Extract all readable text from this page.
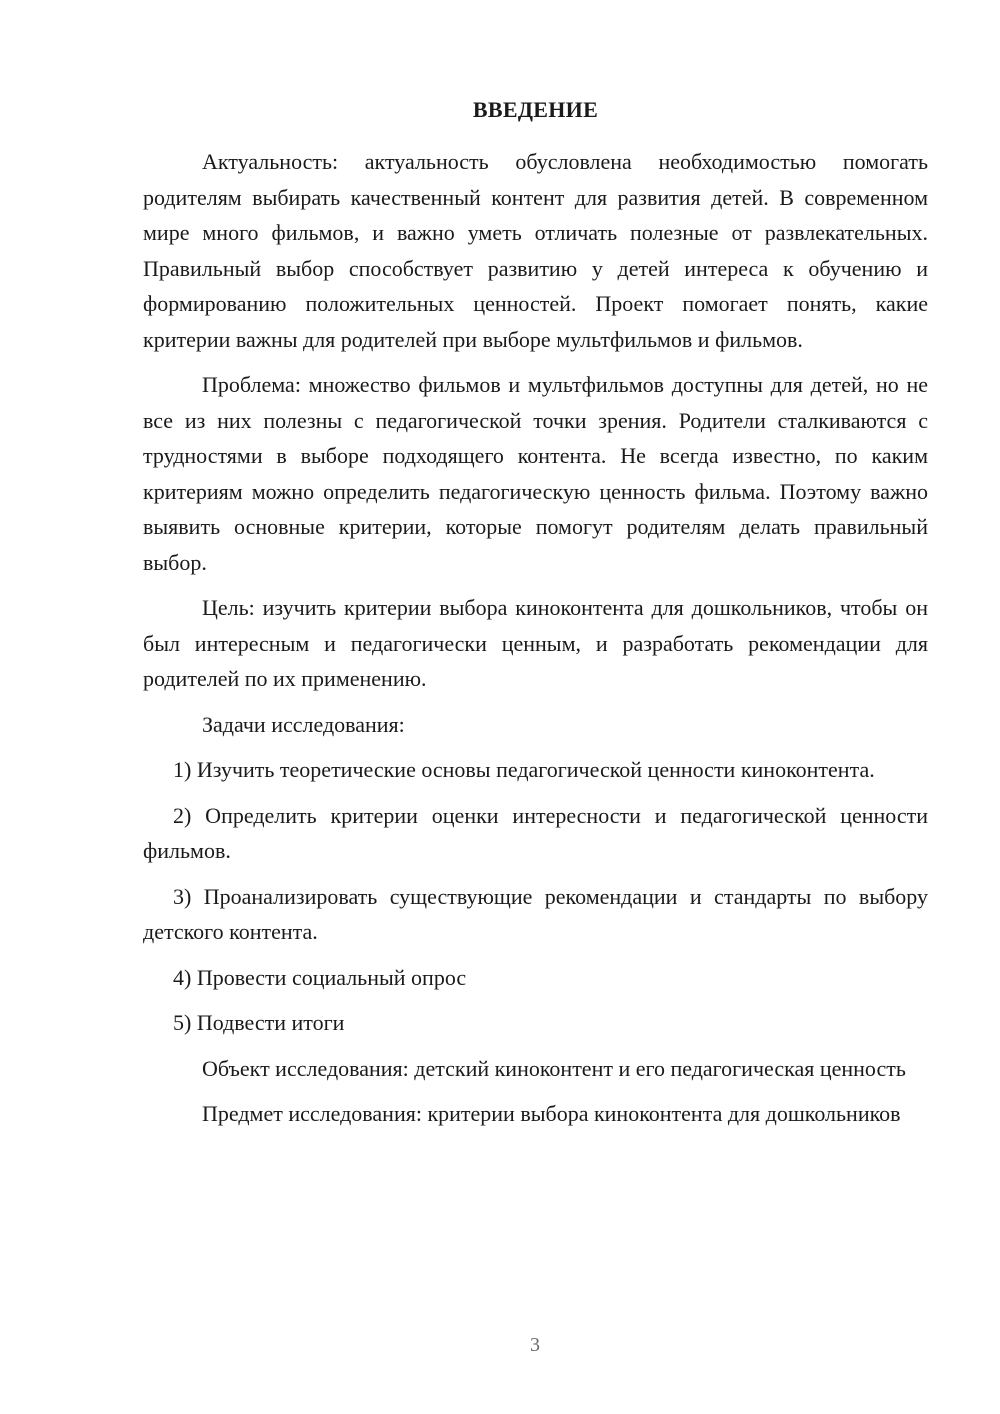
ВВЕДЕНИЕ

Актуальность: актуальность обусловлена необходимостью помогать родителям выбирать качественный контент для развития детей. В современном мире много фильмов, и важно уметь отличать полезные от развлекательных. Правильный выбор способствует развитию у детей интереса к обучению и формированию положительных ценностей. Проект помогает понять, какие критерии важны для родителей при выборе мультфильмов и фильмов.

Проблема: множество фильмов и мультфильмов доступны для детей, но не все из них полезны с педагогической точки зрения. Родители сталкиваются с трудностями в выборе подходящего контента. Не всегда известно, по каким критериям можно определить педагогическую ценность фильма. Поэтому важно выявить основные критерии, которые помогут родителям делать правильный выбор.

Цель: изучить критерии выбора киноконтента для дошкольников, чтобы он был интересным и педагогически ценным, и разработать рекомендации для родителей по их применению.

Задачи исследования:

1) Изучить теоретические основы педагогической ценности киноконтента.

2) Определить критерии оценки интересности и педагогической ценности фильмов.

3) Проанализировать существующие рекомендации и стандарты по выбору детского контента.

4) Провести социальный опрос

5) Подвести итоги

Объект исследования: детский киноконтент и его педагогическая ценность

Предмет исследования: критерии выбора киноконтента для дошкольников

3
